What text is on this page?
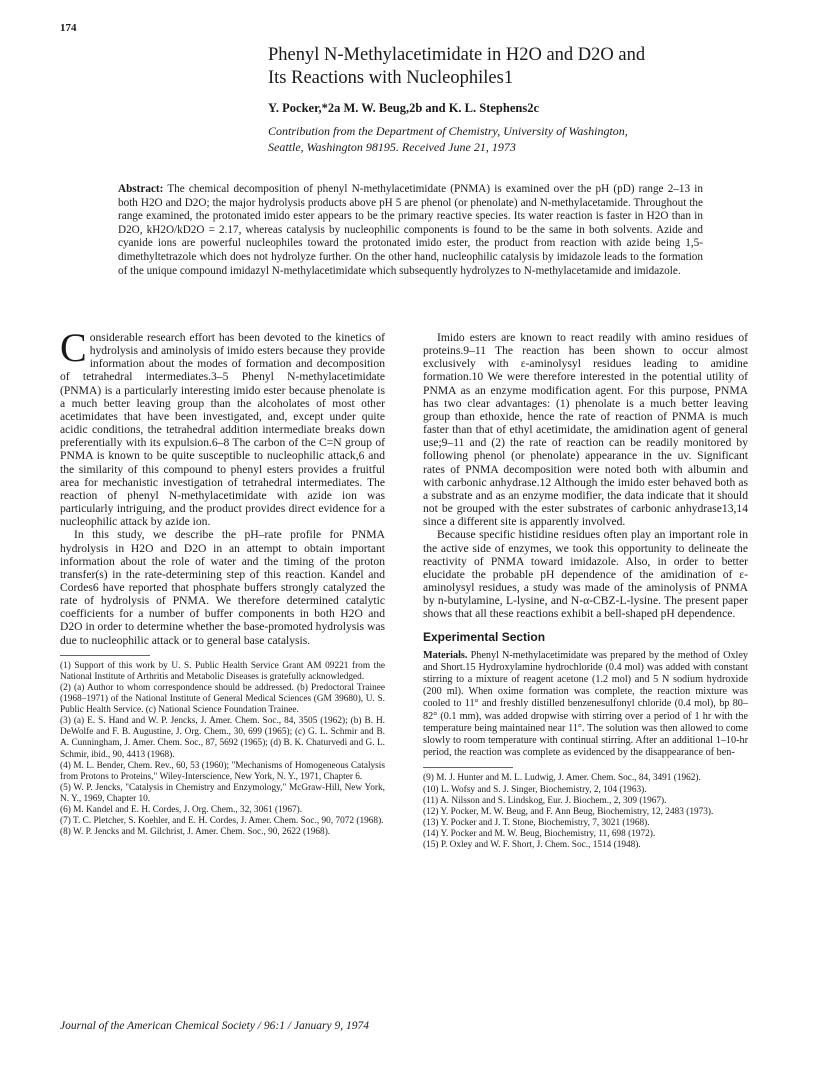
174
Phenyl N-Methylacetimidate in H2O and D2O and
Its Reactions with Nucleophiles1
Y. Pocker,*2a M. W. Beug,2b and K. L. Stephens2c
Contribution from the Department of Chemistry, University of Washington,
Seattle, Washington 98195. Received June 21, 1973
Abstract: The chemical decomposition of phenyl N-methylacetimidate (PNMA) is examined over the pH (pD) range 2–13 in both H2O and D2O; the major hydrolysis products above pH 5 are phenol (or phenolate) and N-methylacetamide. Throughout the range examined, the protonated imido ester appears to be the primary reactive species. Its water reaction is faster in H2O than in D2O, kH2O/kD2O = 2.17, whereas catalysis by nucleophilic components is found to be the same in both solvents. Azide and cyanide ions are powerful nucleophiles toward the protonated imido ester, the product from reaction with azide being 1,5-dimethyltetrazole which does not hydrolyze further. On the other hand, nucleophilic catalysis by imidazole leads to the formation of the unique compound imidazyl N-methylacetimidate which subsequently hydrolyzes to N-methylacetamide and imidazole.

Considerable research effort has been devoted to the kinetics of hydrolysis and aminolysis of imido esters because they provide information about the modes of formation and decomposition of tetrahedral intermediates.3–5 Phenyl N-methylacetimidate (PNMA) is a particularly interesting imido ester because phenolate is a much better leaving group than the alcoholates of most other acetimidates that have been investigated, and, except under quite acidic conditions, the tetrahedral addition intermediate breaks down preferentially with its expulsion.6–8 The carbon of the C=N group of PNMA is known to be quite susceptible to nucleophilic attack,6 and the similarity of this compound to phenyl esters provides a fruitful area for mechanistic investigation of tetrahedral intermediates. The reaction of phenyl N-methylacetimidate with azide ion was particularly intriguing, and the product provides direct evidence for a nucleophilic attack by azide ion.

In this study, we describe the pH–rate profile for PNMA hydrolysis in H2O and D2O in an attempt to obtain important information about the role of water and the timing of the proton transfer(s) in the rate-determining step of this reaction. Kandel and Cordes6 have reported that phosphate buffers strongly catalyzed the rate of hydrolysis of PNMA. We therefore determined catalytic coefficients for a number of buffer components in both H2O and D2O in order to determine whether the base-promoted hydrolysis was due to nucleophilic attack or to general base catalysis.

(1) Support of this work by U. S. Public Health Service Grant AM 09221 from the National Institute of Arthritis and Metabolic Diseases is gratefully acknowledged.
(2) (a) Author to whom correspondence should be addressed. (b) Predoctoral Trainee (1968–1971) of the National Institute of General Medical Sciences (GM 39680), U. S. Public Health Service. (c) National Science Foundation Trainee.
(3) (a) E. S. Hand and W. P. Jencks, J. Amer. Chem. Soc., 84, 3505 (1962); (b) B. H. DeWolfe and F. B. Augustine, J. Org. Chem., 30, 699 (1965); (c) G. L. Schmir and B. A. Cunningham, J. Amer. Chem. Soc., 87, 5692 (1965); (d) B. K. Chaturvedi and G. L. Schmir, ibid., 90, 4413 (1968).
(4) M. L. Bender, Chem. Rev., 60, 53 (1960); "Mechanisms of Homogeneous Catalysis from Protons to Proteins," Wiley-Interscience, New York, N. Y., 1971, Chapter 6.
(5) W. P. Jencks, "Catalysis in Chemistry and Enzymology," McGraw-Hill, New York, N. Y., 1969, Chapter 10.
(6) M. Kandel and E. H. Cordes, J. Org. Chem., 32, 3061 (1967).
(7) T. C. Pletcher, S. Koehler, and E. H. Cordes, J. Amer. Chem. Soc., 90, 7072 (1968).
(8) W. P. Jencks and M. Gilchrist, J. Amer. Chem. Soc., 90, 2622 (1968).

Imido esters are known to react readily with amino residues of proteins.9–11 The reaction has been shown to occur almost exclusively with ε-aminolysyl residues leading to amidine formation.10 We were therefore interested in the potential utility of PNMA as an enzyme modification agent. For this purpose, PNMA has two clear advantages: (1) phenolate is a much better leaving group than ethoxide, hence the rate of reaction of PNMA is much faster than that of ethyl acetimidate, the amidination agent of general use;9–11 and (2) the rate of reaction can be readily monitored by following phenol (or phenolate) appearance in the uv. Significant rates of PNMA decomposition were noted both with albumin and with carbonic anhydrase.12 Although the imido ester behaved both as a substrate and as an enzyme modifier, the data indicate that it should not be grouped with the ester substrates of carbonic anhydrase13,14 since a different site is apparently involved.

Because specific histidine residues often play an important role in the active side of enzymes, we took this opportunity to delineate the reactivity of PNMA toward imidazole. Also, in order to better elucidate the probable pH dependence of the amidination of ε-aminolysyl residues, a study was made of the aminolysis of PNMA by n-butylamine, L-lysine, and N-α-CBZ-L-lysine. The present paper shows that all these reactions exhibit a bell-shaped pH dependence.

Experimental Section
Materials. Phenyl N-methylacetimidate was prepared by the method of Oxley and Short.15 Hydroxylamine hydrochloride (0.4 mol) was added with constant stirring to a mixture of reagent acetone (1.2 mol) and 5 N sodium hydroxide (200 ml). When oxime formation was complete, the reaction mixture was cooled to 11° and freshly distilled benzenesulfonyl chloride (0.4 mol), bp 80–82° (0.1 mm), was added dropwise with stirring over a period of 1 hr with the temperature being maintained near 11°. The solution was then allowed to come slowly to room temperature with continual stirring. After an additional 1–10-hr period, the reaction was complete as evidenced by the disappearance of ben-
(9) M. J. Hunter and M. L. Ludwig, J. Amer. Chem. Soc., 84, 3491 (1962).
(10) L. Wofsy and S. J. Singer, Biochemistry, 2, 104 (1963).
(11) A. Nilsson and S. Lindskog, Eur. J. Biochem., 2, 309 (1967).
(12) Y. Pocker, M. W. Beug, and F. Ann Beug, Biochemistry, 12, 2483 (1973).
(13) Y. Pocker and J. T. Stone, Biochemistry, 7, 3021 (1968).
(14) Y. Pocker and M. W. Beug, Biochemistry, 11, 698 (1972).
(15) P. Oxley and W. F. Short, J. Chem. Soc., 1514 (1948).
Journal of the American Chemical Society / 96:1 / January 9, 1974
